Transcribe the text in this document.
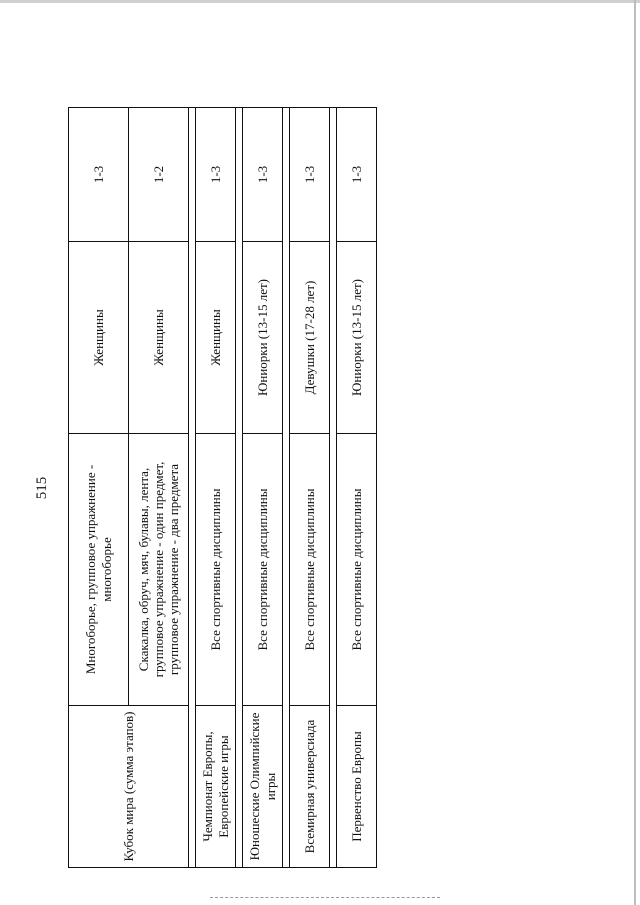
515
Кубок мира (сумма этапов)	Многоборье, групповое упражнение - многоборье	Женщины	1-3
	Скакалка, обруч, мяч, булавы, лента, групповое упражнение - один предмет, групповое упражнение - два предмета	Женщины	1-2

Чемпионат Европы, Европейские игры	Все спортивные дисциплины	Женщины	1-3

Юношеские Олимпийские игры	Все спортивные дисциплины	Юниорки (13-15 лет)	1-3

Всемирная универсиада	Все спортивные дисциплины	Девушки (17-28 лет)	1-3

Первенство Европы	Все спортивные дисциплины	Юниорки (13-15 лет)	1-3
